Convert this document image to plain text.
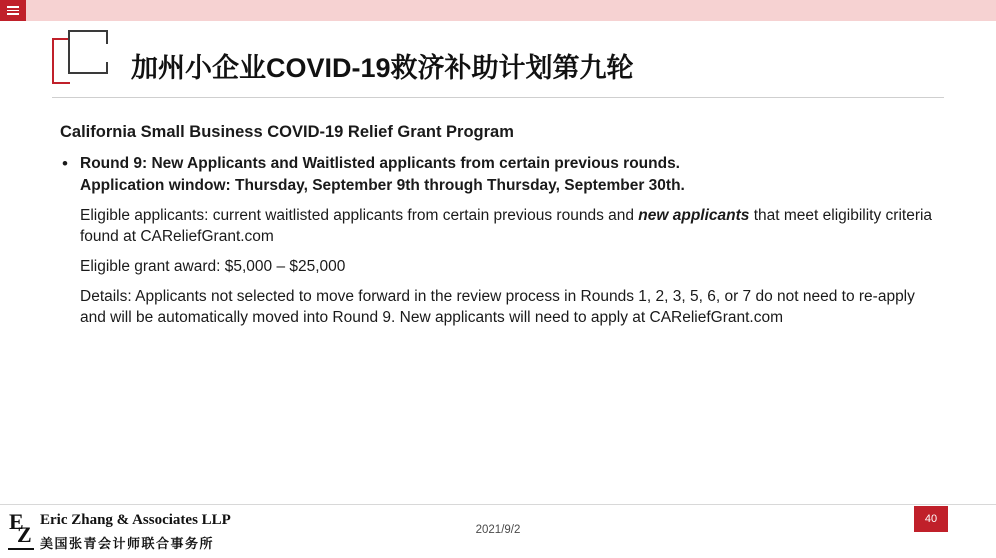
加州小企业COVID-19救济补助计划第九轮
California Small Business COVID-19 Relief Grant Program
• Round 9: New Applicants and Waitlisted applicants from certain previous rounds.
Application window: Thursday, September 9th through Thursday, September 30th.
Eligible applicants: current waitlisted applicants from certain previous rounds and new applicants that meet eligibility criteria found at CAReliefGrant.com
Eligible grant award: $5,000 – $25,000
Details: Applicants not selected to move forward in the review process in Rounds 1, 2, 3, 5, 6, or 7 do not need to re-apply and will be automatically moved into Round 9. New applicants will need to apply at CAReliefGrant.com
E
Z
Eric Zhang & Associates LLP
美国张青会计师联合事务所
2021/9/2
40
